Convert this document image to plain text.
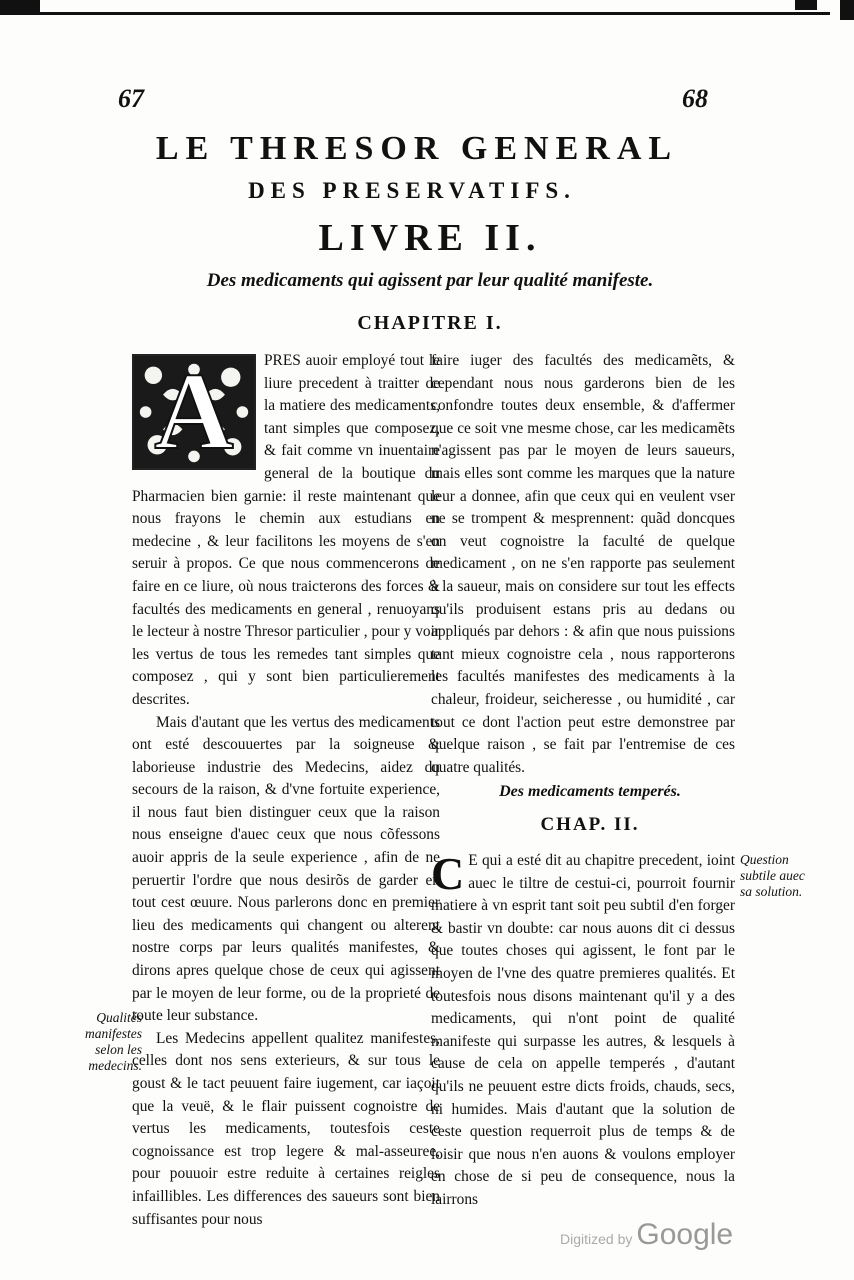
67	68
LE THRESOR GENERAL
DES PRESERVATIFS.
LIVRE II.
Des medicaments qui agissent par leur qualité manifeste.
CHAPITRE I.
A	PRES auoir employé tout le liure precedent à traitter de la matiere des medicaments, tant simples que composez, & fait comme vn inuentaire general de la boutique du Pharmacien bien garnie: il reste maintenant que nous frayons le chemin aux estudians en medecine , & leur facilitons les moyens de s'en seruir à propos. Ce que nous commencerons de faire en ce liure, où nous traicterons des forces & facultés des medicaments en general , renuoyans le lecteur à nostre Thresor particulier , pour y voir les vertus de tous les remedes tant simples que composez , qui y sont bien particulierement descrites.

Mais d'autant que les vertus des medicaments ont esté descouuertes par la soigneuse & laborieuse industrie des Medecins, aidez du secours de la raison, & d'vne fortuite experience, il nous faut bien distinguer ceux que la raison nous enseigne d'auec ceux que nous cõfessons auoir appris de la seule experience , afin de ne peruertir l'ordre que nous desirõs de garder en tout cest œuure. Nous parlerons donc en premier lieu des medicaments qui changent ou alterent nostre corps par leurs qualités manifestes, & dirons apres quelque chose de ceux qui agissent par le moyen de leur forme, ou de la proprieté de toute leur substance.

Les Medecins appellent qualitez manifestes, celles dont nos sens exterieurs, & sur tous le goust & le tact peuuent faire iugement, car iaçoit que la veuë, & le flair puissent cognoistre de vertus les medicaments, toutesfois ceste cognoissance est trop legere & mal-asseuree, pour pouuoir estre reduite à certaines reigles infaillibles. Les differences des saueurs sont bien suffisantes pour nous

faire iuger des facultés des medicamẽts, & cependant nous nous garderons bien de les confondre toutes deux ensemble, & d'affermer que ce soit vne mesme chose, car les medicamẽts n'agissent pas par le moyen de leurs saueurs, mais elles sont comme les marques que la nature leur a donnee, afin que ceux qui en veulent vser ne se trompent & mesprennent: quãd doncques on veut cognoistre la faculté de quelque medicament , on ne s'en rapporte pas seulement à la saueur, mais on considere sur tout les effects qu'ils produisent estans pris au dedans ou appliqués par dehors : & afin que nous puissions tant mieux cognoistre cela , nous rapporterons les facultés manifestes des medicaments à la chaleur, froideur, seicheresse , ou humidité , car tout ce dont l'action peut estre demonstree par quelque raison , se fait par l'entremise de ces quatre qualités.
Des medicaments temperés.
CHAP. II.
C E qui a esté dit au chapitre precedent, ioint auec le tiltre de cestui-ci, pourroit fournir matiere à vn esprit tant soit peu subtil d'en forger & bastir vn doubte: car nous auons dit ci dessus que toutes choses qui agissent, le font par le moyen de l'vne des quatre premieres qualités. Et toutesfois nous disons maintenant qu'il y a des medicaments, qui n'ont point de qualité manifeste qui surpasse les autres, & lesquels à cause de cela on appelle temperés , d'autant qu'ils ne peuuent estre dicts froids, chauds, secs, ni humides. Mais d'autant que la solution de ceste question requerroit plus de temps & de loisir que nous n'en auons & voulons employer en chose de si peu de consequence, nous la lairrons
Qualités manifestes selon les medecins.
Question subtile auec sa solution.
Digitized by Google
